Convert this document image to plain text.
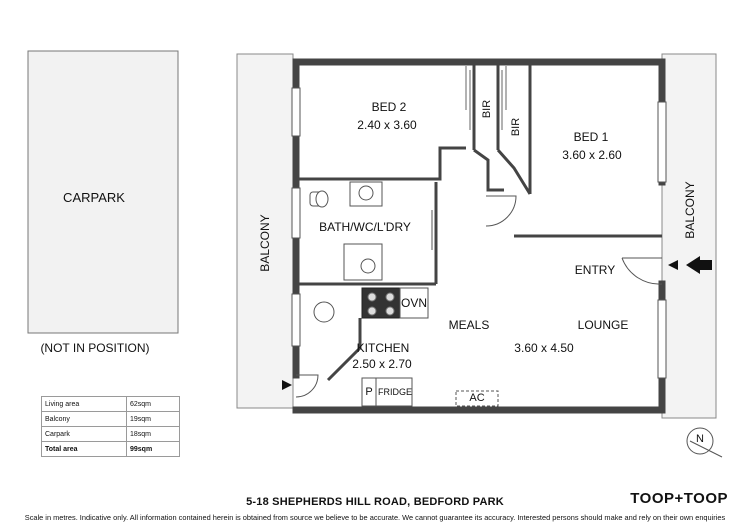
CARPARK
(NOT IN POSITION)
BALCONY
BALCONY
BED 2
2.40 x 3.60
BIR
BIR
BED 1
3.60 x 2.60
BATH/WC/L'DRY
ENTRY
OVN
MEALS	LOUNGE
3.60 x 4.50
KITCHEN
2.50 x 2.70
P FRIDGE	AC
N
Living area	62sqm
Balcony	19sqm
Carpark	18sqm
Total area	99sqm
5-18 SHEPHERDS HILL ROAD, BEDFORD PARK	TOOP+TOOP
Scale in metres. Indicative only. All information contained herein is obtained from source we believe to be accurate. We cannot guarantee its accuracy. Interested persons should make and rely on their own enquiries
